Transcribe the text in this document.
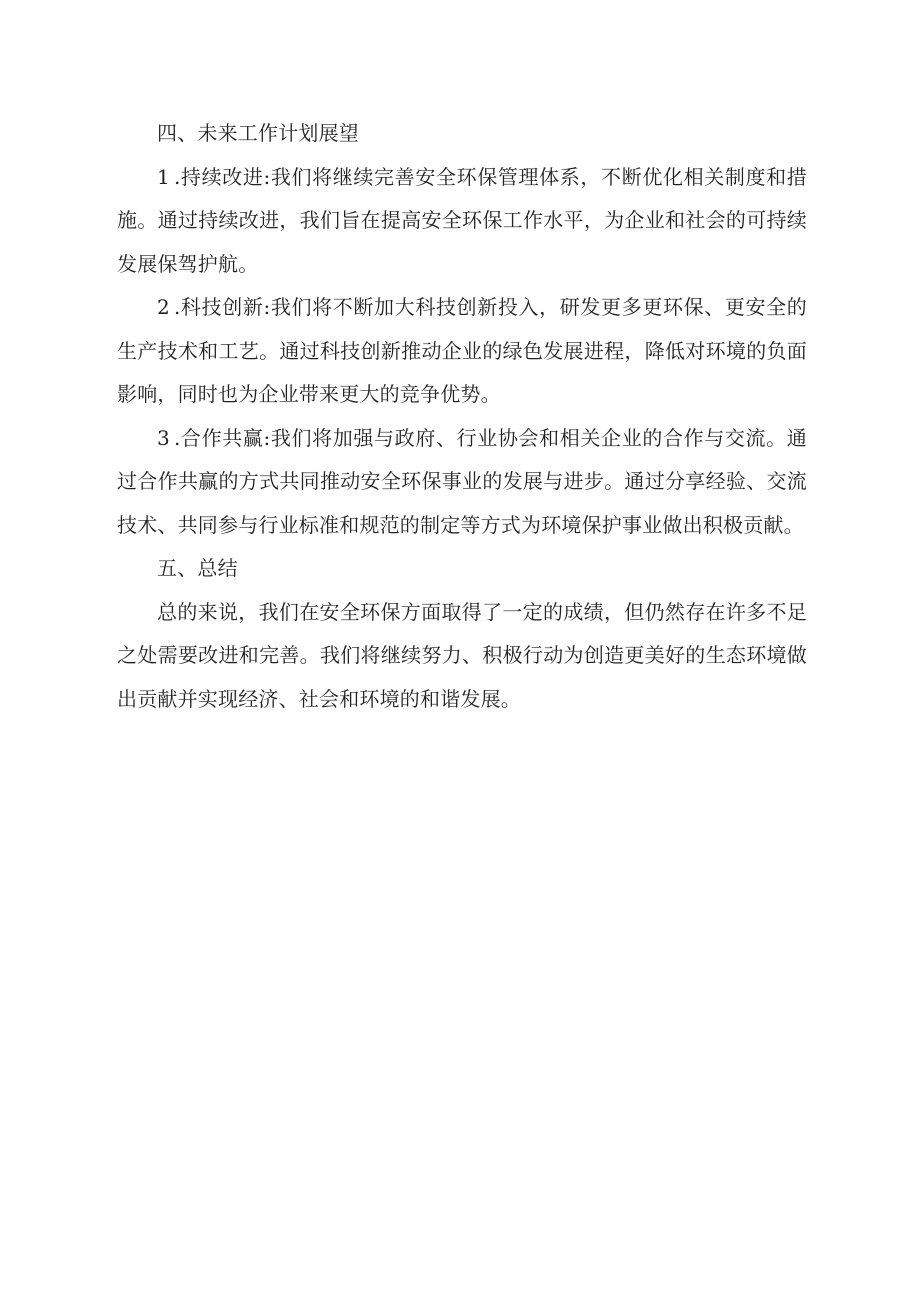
四、未来工作计划展望

1 .持续改进:我们将继续完善安全环保管理体系，不断优化相关制度和措施。通过持续改进，我们旨在提高安全环保工作水平，为企业和社会的可持续发展保驾护航。

2 .科技创新:我们将不断加大科技创新投入，研发更多更环保、更安全的生产技术和工艺。通过科技创新推动企业的绿色发展进程，降低对环境的负面影响，同时也为企业带来更大的竞争优势。

3 .合作共赢:我们将加强与政府、行业协会和相关企业的合作与交流。通过合作共赢的方式共同推动安全环保事业的发展与进步。通过分享经验、交流技术、共同参与行业标准和规范的制定等方式为环境保护事业做出积极贡献。

五、总结

总的来说，我们在安全环保方面取得了一定的成绩，但仍然存在许多不足之处需要改进和完善。我们将继续努力、积极行动为创造更美好的生态环境做出贡献并实现经济、社会和环境的和谐发展。
